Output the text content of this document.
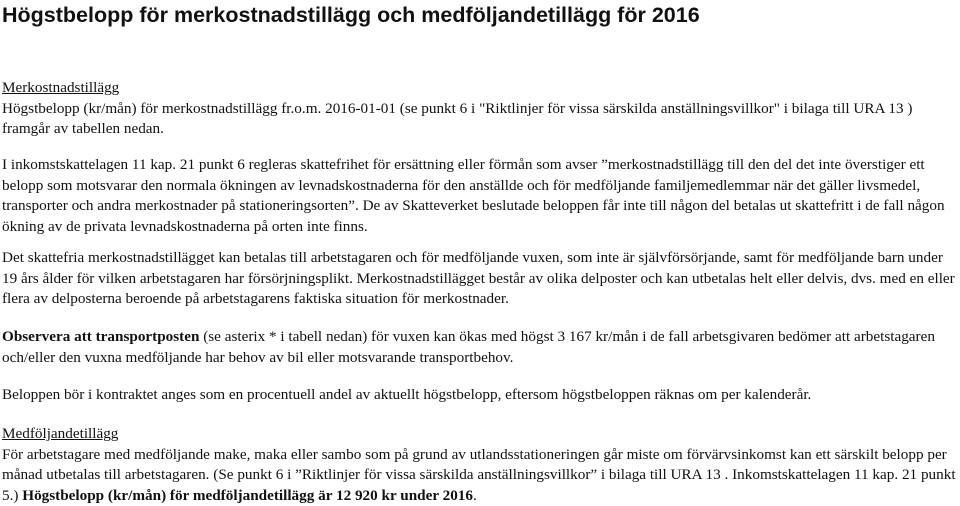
Högstbelopp för merkostnadstillägg och medföljandetillägg för 2016

Merkostnadstillägg

Högstbelopp (kr/mån) för merkostnadstillägg fr.o.m. 2016-01-01 (se punkt 6 i "Riktlinjer för vissa särskilda anställningsvillkor" i bilaga till URA 13 ) framgår av tabellen nedan.

I inkomstskattelagen 11 kap. 21 punkt 6 regleras skattefrihet för ersättning eller förmån som avser ”merkostnadstillägg till den del det inte överstiger ett belopp som motsvarar den normala ökningen av levnadskostnaderna för den anställde och för medföljande familjemedlemmar när det gäller livsmedel, transporter och andra merkostnader på stationeringsorten”. De av Skatteverket beslutade beloppen får inte till någon del betalas ut skattefritt i de fall någon ökning av de privata levnadskostnaderna på orten inte finns.

Det skattefria merkostnadstillägget kan betalas till arbetstagaren och för medföljande vuxen, som inte är självförsörjande, samt för medföljande barn under 19 års ålder för vilken arbetstagaren har försörjningsplikt. Merkostnadstillägget består av olika delposter och kan utbetalas helt eller delvis, dvs. med en eller flera av delposterna beroende på arbetstagarens faktiska situation för merkostnader.

Observera att transportposten (se asterix * i tabell nedan) för vuxen kan ökas med högst 3 167 kr/mån i de fall arbetsgivaren bedömer att arbetstagaren och/eller den vuxna medföljande har behov av bil eller motsvarande transportbehov.

Beloppen bör i kontraktet anges som en procentuell andel av aktuellt högstbelopp, eftersom högstbeloppen räknas om per kalenderår.

Medföljandetillägg

För arbetstagare med medföljande make, maka eller sambo som på grund av utlandsstationeringen går miste om förvärvsinkomst kan ett särskilt belopp per månad utbetalas till arbetstagaren. (Se punkt 6 i ”Riktlinjer för vissa särskilda anställningsvillkor” i bilaga till URA 13 . Inkomstskattelagen 11 kap. 21 punkt 5.) Högstbelopp (kr/mån) för medföljandetillägg är 12 920 kr under 2016.
